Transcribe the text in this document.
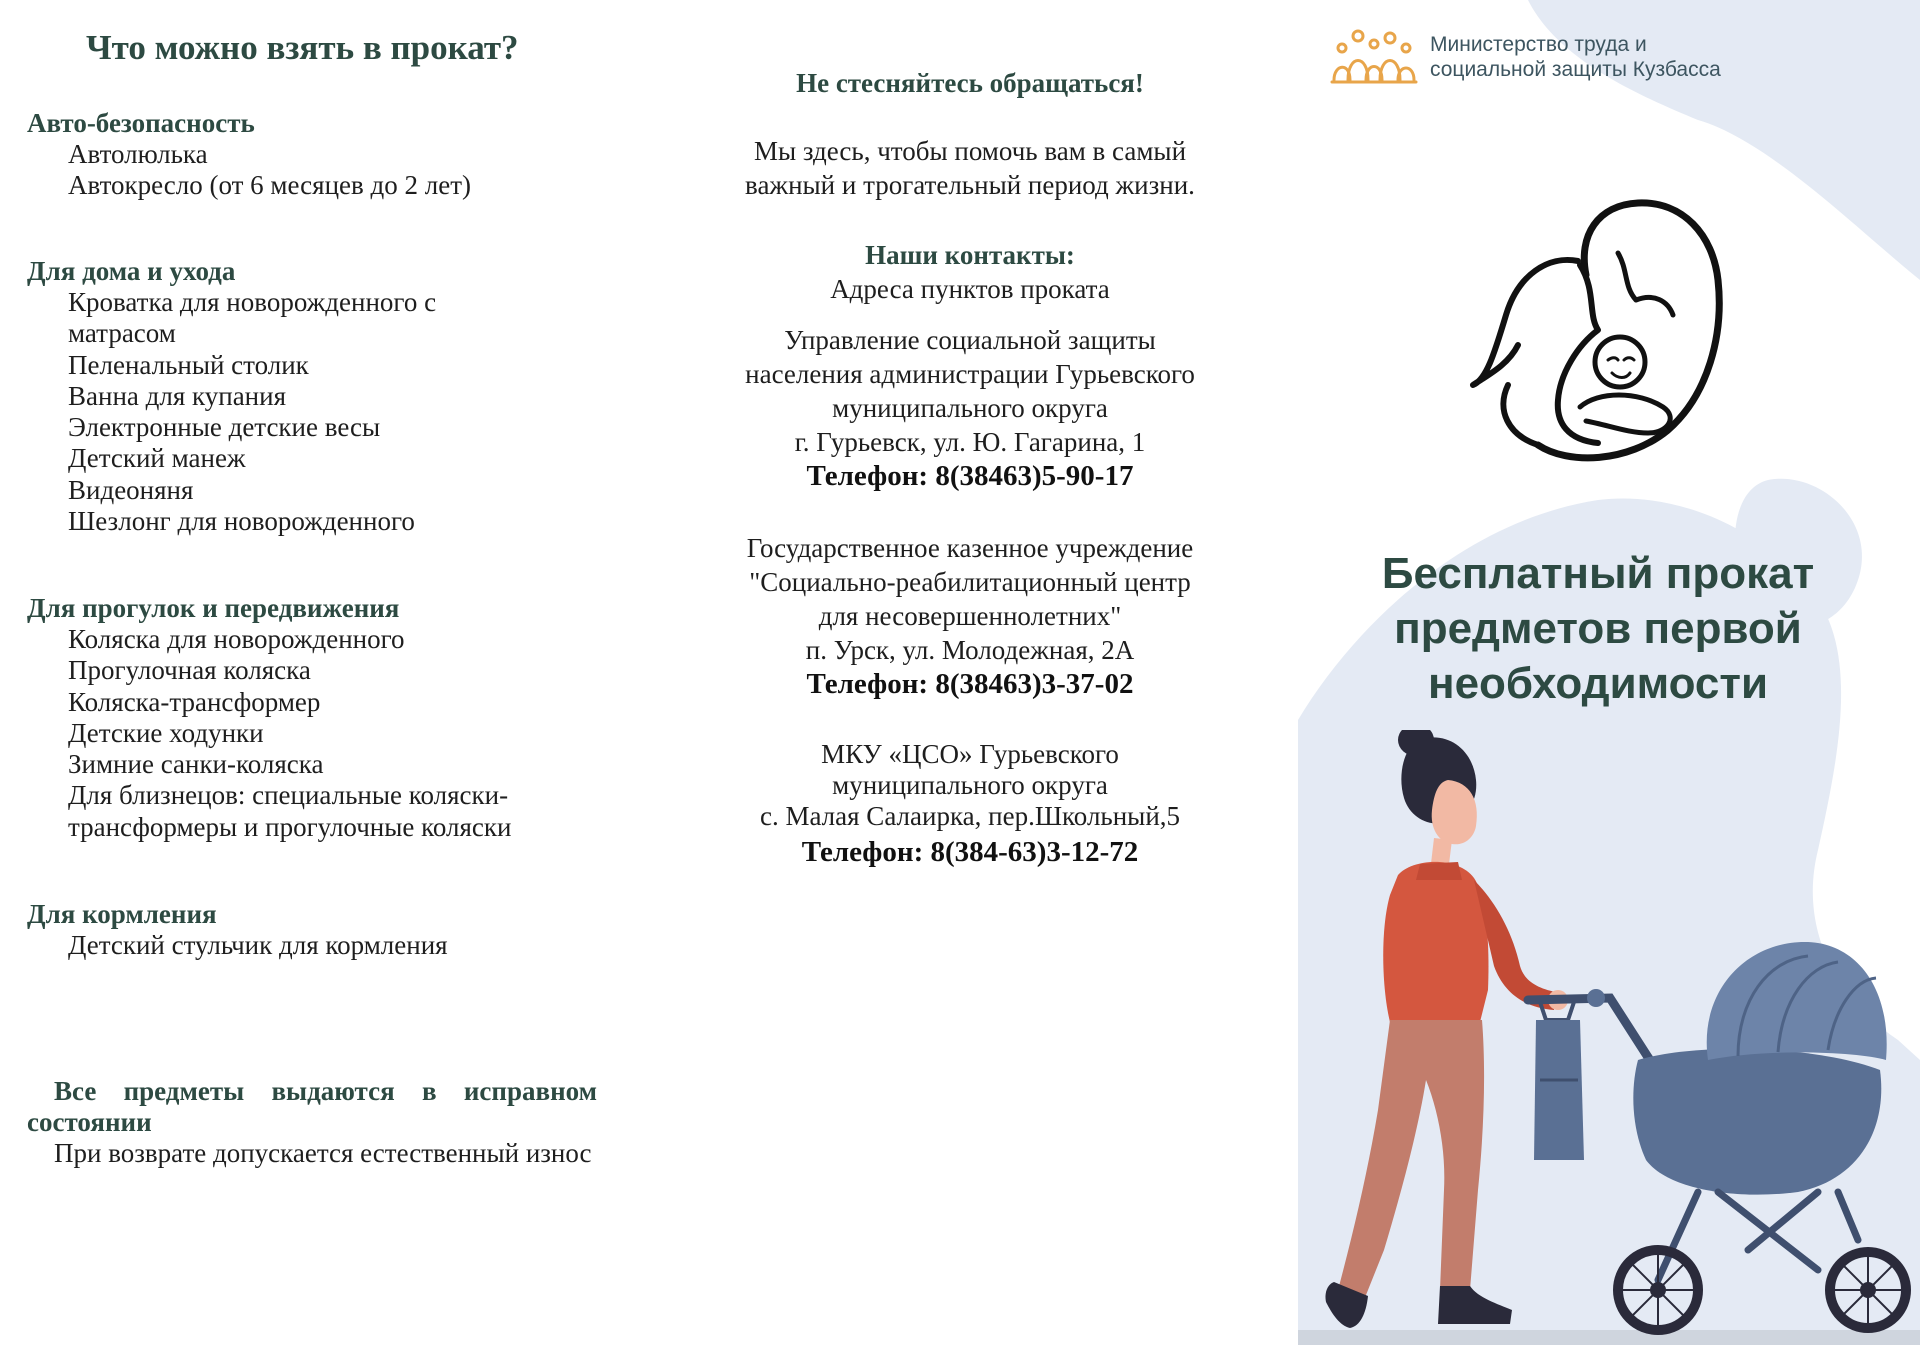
Что можно взять в прокат?
Авто-безопасность
Автолюлька
Автокресло (от 6 месяцев до 2 лет)
Для дома и ухода
Кроватка для новорожденного с
матрасом
Пеленальный столик
Ванна для купания
Электронные детские весы
Детский манеж
Видеоняня
Шезлонг для новорожденного
Для прогулок и передвижения
Коляска для новорожденного
Прогулочная коляска
Коляска-трансформер
Детские ходунки
Зимние санки-коляска
Для близнецов: специальные коляски-
трансформеры и прогулочные коляски
Для кормления
Детский стульчик для кормления
Все предметы выдаются в исправном состоянии
При возврате допускается естественный износ
Не стесняйтесь обращаться!
Мы здесь, чтобы помочь вам в самый
важный и трогательный период жизни.
Наши контакты:
Адреса пунктов проката
Управление социальной защиты
населения администрации Гурьевского
муниципального округа
г. Гурьевск, ул. Ю. Гагарина, 1
Телефон: 8(38463)5-90-17
Государственное казенное учреждение
"Социально-реабилитационный центр
для несовершеннолетних"
п. Урск, ул. Молодежная, 2А
Телефон: 8(38463)3-37-02
МКУ «ЦСО» Гурьевского
муниципального округа
с. Малая Салаирка, пер.Школьный,5
Телефон: 8(384-63)3-12-72
Министерство труда и
социальной защиты Кузбасса
Бесплатный прокат
предметов первой
необходимости
